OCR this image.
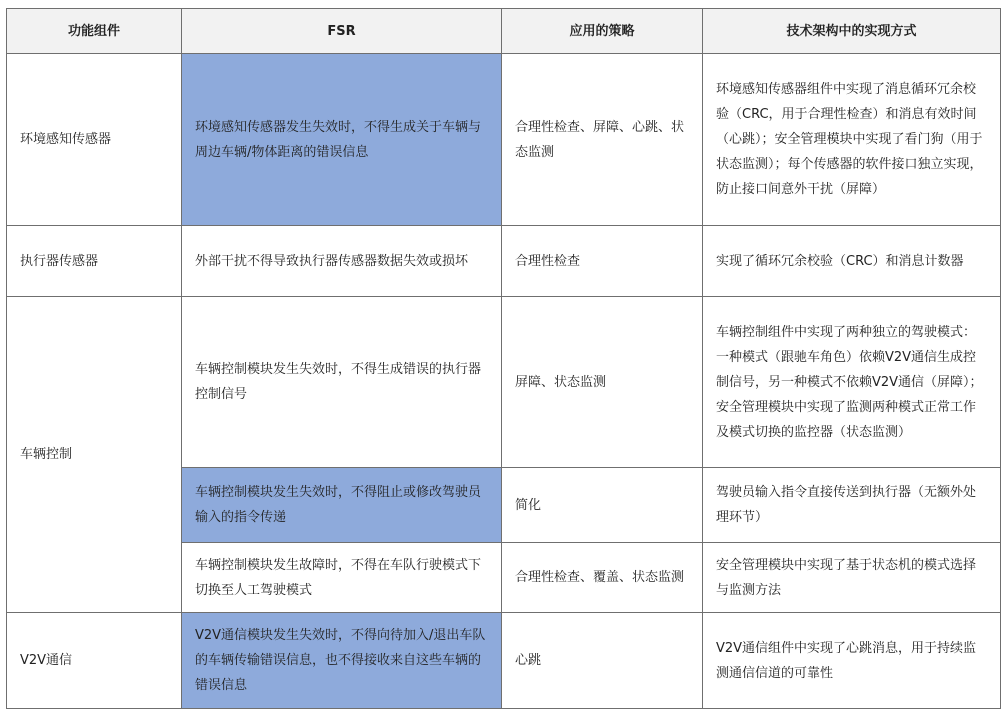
功能组件	FSR	应用的策略	技术架构中的实现方式
环境感知传感器	环境感知传感器发生失效时，不得生成关于车辆与周边车辆/物体距离的错误信息	合理性检查、屏障、心跳、状态监测	环境感知传感器组件中实现了消息循环冗余校验（CRC，用于合理性检查）和消息有效时间（心跳）；安全管理模块中实现了看门狗（用于状态监测）；每个传感器的软件接口独立实现，防止接口间意外干扰（屏障）
执行器传感器	外部干扰不得导致执行器传感器数据失效或损坏	合理性检查	实现了循环冗余校验（CRC）和消息计数器
车辆控制	车辆控制模块发生失效时，不得生成错误的执行器控制信号	屏障、状态监测	车辆控制组件中实现了两种独立的驾驶模式：一种模式（跟驰车角色）依赖V2V通信生成控制信号，另一种模式不依赖V2V通信（屏障）；安全管理模块中实现了监测两种模式正常工作及模式切换的监控器（状态监测）
	车辆控制模块发生失效时，不得阻止或修改驾驶员输入的指令传递	简化	驾驶员输入指令直接传送到执行器（无额外处理环节）
	车辆控制模块发生故障时，不得在车队行驶模式下切换至人工驾驶模式	合理性检查、覆盖、状态监测	安全管理模块中实现了基于状态机的模式选择与监测方法
V2V通信	V2V通信模块发生失效时，不得向待加入/退出车队的车辆传输错误信息，也不得接收来自这些车辆的错误信息	心跳	V2V通信组件中实现了心跳消息，用于持续监测通信信道的可靠性
